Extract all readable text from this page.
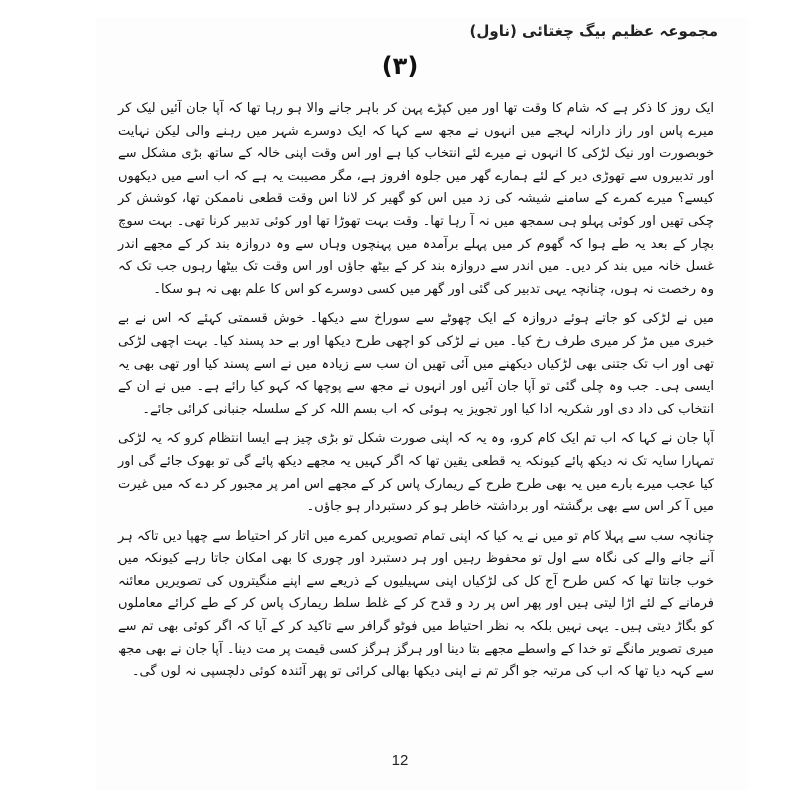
مجموعہ عظیم بیگ چغتائی (ناول)
(۳)

ایک روز کا ذکر ہے کہ شام کا وقت تھا اور میں کپڑے پہن کر باہر جانے والا ہو رہا تھا کہ آپا جان آئیں لیک کر میرے پاس اور راز دارانہ لہجے میں انہوں نے مجھ سے کہا کہ ایک دوسرے شہر میں رہنے والی لیکن نہایت خوبصورت اور نیک لڑکی کا انہوں نے میرے لئے انتخاب کیا ہے اور اس وقت اپنی خالہ کے ساتھ بڑی مشکل سے اور تدبیروں سے تھوڑی دیر کے لئے ہمارے گھر میں جلوہ افروز ہے، مگر مصیبت یہ ہے کہ اب اسے میں دیکھوں کیسے؟ میرے کمرے کے سامنے شیشہ کی زد میں اس کو گھیر کر لانا اس وقت قطعی ناممکن تھا، کوشش کر چکی تھیں اور کوئی پہلو ہی سمجھ میں نہ آ رہا تھا۔ وقت بہت تھوڑا تھا اور کوئی تدبیر کرنا تھی۔ بہت سوچ بچار کے بعد یہ طے ہوا کہ گھوم کر میں پہلے برآمدہ میں پہنچوں وہاں سے وہ دروازہ بند کر کے مجھے اندر غسل خانہ میں بند کر دیں۔ میں اندر سے دروازہ بند کر کے بیٹھ جاؤں اور اس وقت تک بیٹھا رہوں جب تک کہ وہ رخصت نہ ہوں، چنانچہ یہی تدبیر کی گئی اور گھر میں کسی دوسرے کو اس کا علم بھی نہ ہو سکا۔

میں نے لڑکی کو جاتے ہوئے دروازہ کے ایک چھوٹے سے سوراخ سے دیکھا۔ خوش قسمتی کہئے کہ اس نے بے خبری میں مڑ کر میری طرف رخ کیا۔ میں نے لڑکی کو اچھی طرح دیکھا اور بے حد پسند کیا۔ بہت اچھی لڑکی تھی اور اب تک جتنی بھی لڑکیاں دیکھنے میں آئی تھیں ان سب سے زیادہ میں نے اسے پسند کیا اور تھی بھی یہ ایسی ہی۔ جب وہ چلی گئی تو آپا جان آئیں اور انہوں نے مجھ سے پوچھا کہ کہو کیا رائے ہے۔ میں نے ان کے انتخاب کی داد دی اور شکریہ ادا کیا اور تجویز یہ ہوئی کہ اب بسم اللہ کر کے سلسلہ جنبانی کرائی جائے۔

آپا جان نے کہا کہ اب تم ایک کام کرو، وہ یہ کہ اپنی صورت شکل تو بڑی چیز ہے ایسا انتظام کرو کہ یہ لڑکی تمہارا سایہ تک نہ دیکھ پائے کیونکہ یہ قطعی یقین تھا کہ اگر کہیں یہ مجھے دیکھ پائے گی تو بھوک جائے گی اور کیا عجب میرے بارے میں یہ بھی طرح طرح کے ریمارک پاس کر کے مجھے اس امر پر مجبور کر دے کہ میں غیرت میں آ کر اس سے بھی برگشتہ اور برداشتہ خاطر ہو کر دستبردار ہو جاؤں۔

چنانچہ سب سے پہلا کام تو میں نے یہ کیا کہ اپنی تمام تصویریں کمرے میں اتار کر احتیاط سے چھپا دیں تاکہ ہر آنے جانے والے کی نگاہ سے اول تو محفوظ رہیں اور ہر دستبرد اور چوری کا بھی امکان جاتا رہے کیونکہ میں خوب جانتا تھا کہ کس طرح آج کل کی لڑکیاں اپنی سہیلیوں کے ذریعے سے اپنے منگیتروں کی تصویریں معائنہ فرمانے کے لئے اڑا لیتی ہیں اور پھر اس پر رد و قدح کر کے غلط سلط ریمارک پاس کر کے طے کرائے معاملوں کو بگاڑ دیتی ہیں۔ یہی نہیں بلکہ بہ نظر احتیاط میں فوٹو گرافر سے تاکید کر کے آیا کہ اگر کوئی بھی تم سے میری تصویر مانگے تو خدا کے واسطے مجھے بتا دینا اور ہرگز ہرگز کسی قیمت پر مت دینا۔ آپا جان نے بھی مجھ سے کہہ دیا تھا کہ اب کی مرتبہ جو اگر تم نے اپنی دیکھا بھالی کرائی تو پھر آئندہ کوئی دلچسپی نہ لوں گی۔

12
